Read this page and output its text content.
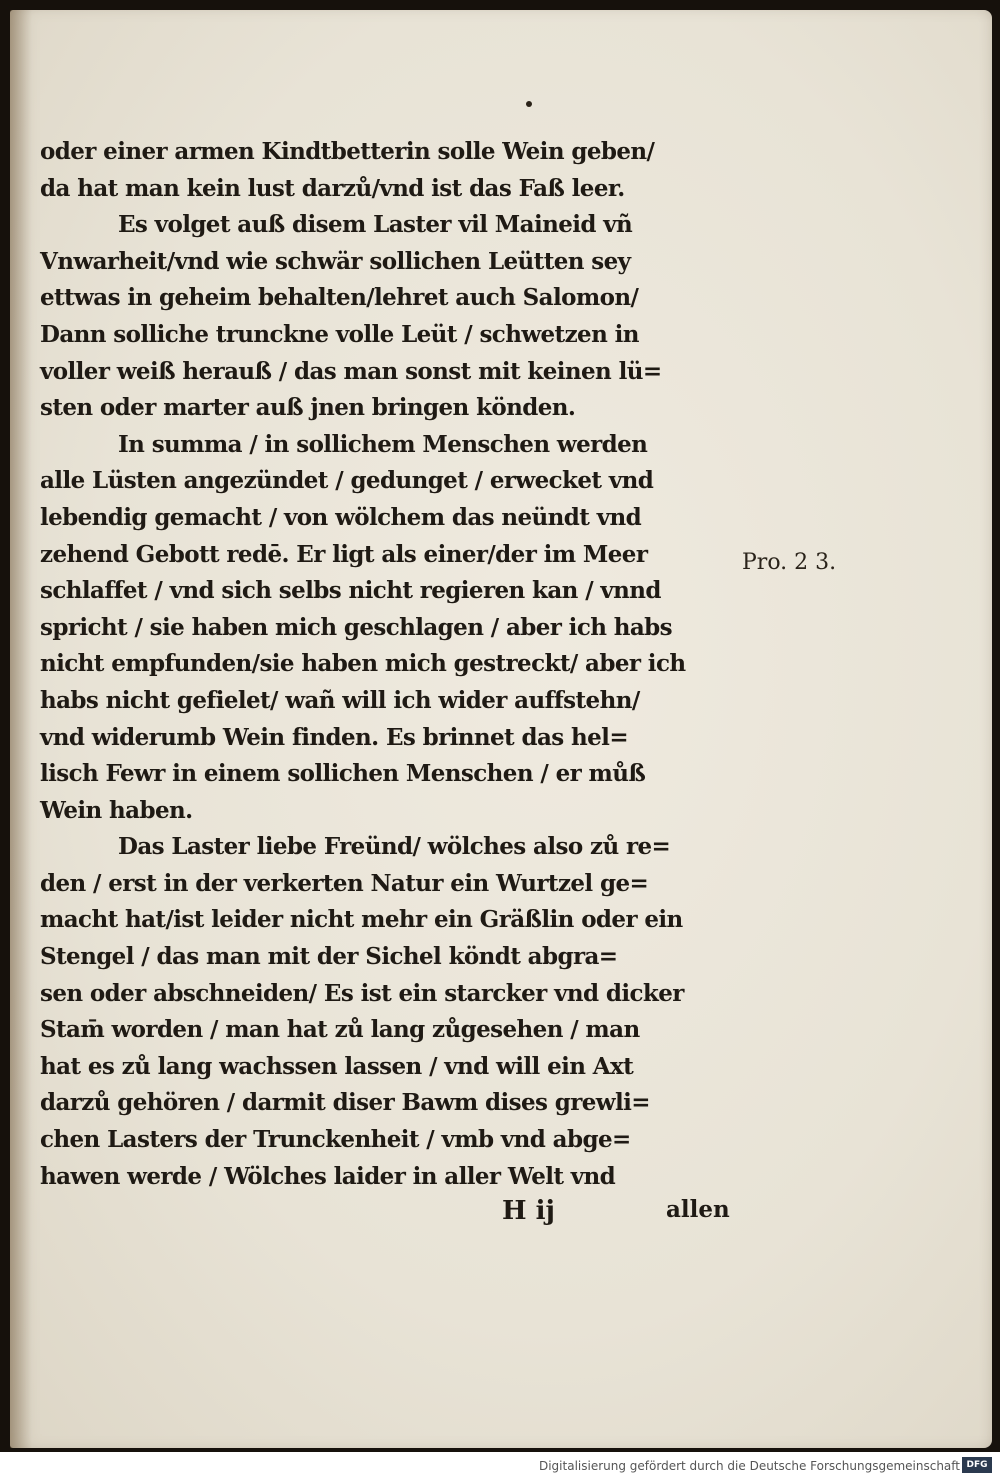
oder einer armen Kindtbetterin solle Wein geben/
da hat man kein lust darzů/vnd ist das Faß leer.
Es volget auß disem Laster vil Maineid vñ
Vnwarheit/vnd wie schwär sollichen Leütten sey
ettwas in geheim behalten/lehret auch Salomon/
Dann solliche trunckne volle Leüt / schwetzen in
voller weiß herauß / das man sonst mit keinen lü=
sten oder marter auß jnen bringen könden.
In summa / in sollichem Menschen werden
alle Lüsten angezündet / gedunget / erwecket vnd
lebendig gemacht / von wölchem das neündt vnd
zehend Gebott redē. Er ligt als einer/der im Meer
schlaffet / vnd sich selbs nicht regieren kan / vnnd
spricht / sie haben mich geschlagen / aber ich habs
nicht empfunden/sie haben mich gestreckt/ aber ich
habs nicht gefielet/ wañ will ich wider auffstehn/
vnd widerumb Wein finden. Es brinnet das hel=
lisch Fewr in einem sollichen Menschen / er můß
Wein haben.
Das Laster liebe Freünd/ wölches also zů re=
den / erst in der verkerten Natur ein Wurtzel ge=
macht hat/ist leider nicht mehr ein Gräßlin oder ein
Stengel / das man mit der Sichel köndt abgra=
sen oder abschneiden/ Es ist ein starcker vnd dicker
Stam̄ worden / man hat zů lang zůgesehen / man
hat es zů lang wachssen lassen / vnd will ein Axt
darzů gehören / darmit diser Bawm dises grewli=
chen Lasters der Trunckenheit / vmb vnd abge=
hawen werde / Wölches laider in aller Welt vnd
Pro. 2 3.
H ij	allen
Digitalisierung gefördert durch die Deutsche Forschungsgemeinschaft DFG
